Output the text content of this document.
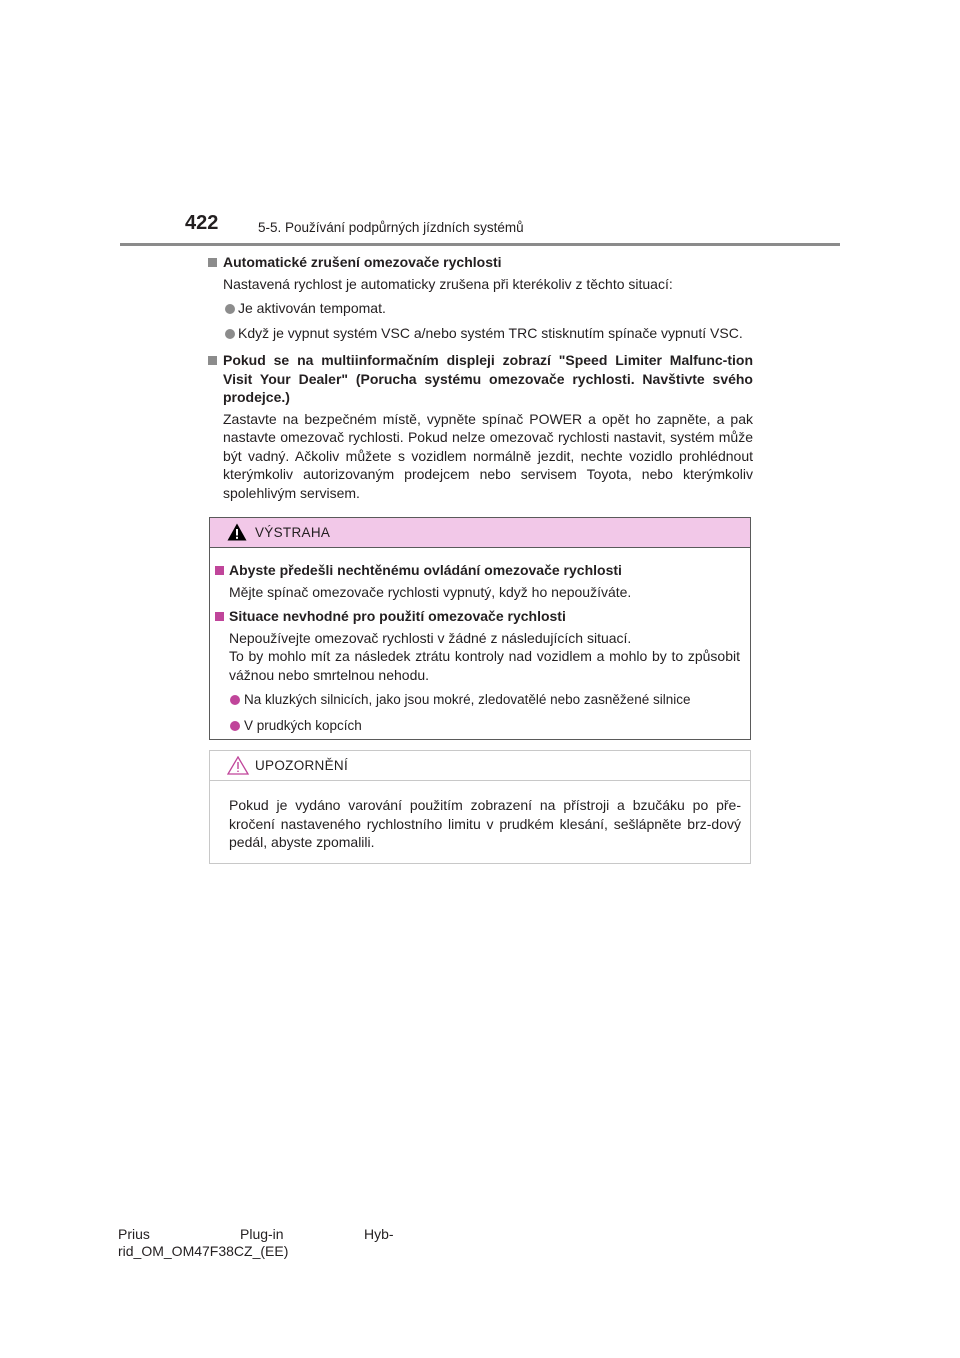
422	5-5. Používání podpůrných jízdních systémů
Automatické zrušení omezovače rychlosti
Nastavená rychlost je automaticky zrušena při kterékoliv z těchto situací:
Je aktivován tempomat.
Když je vypnut systém VSC a/nebo systém TRC stisknutím spínače vypnutí VSC.
Pokud se na multiinformačním displeji zobrazí "Speed Limiter Malfunc-tion Visit Your Dealer" (Porucha systému omezovače rychlosti. Navštivte svého prodejce.)
Zastavte na bezpečném místě, vypněte spínač POWER a opět ho zapněte, a pak nastavte omezovač rychlosti. Pokud nelze omezovač rychlosti nastavit, systém může být vadný. Ačkoliv můžete s vozidlem normálně jezdit, nechte vozidlo prohlédnout kterýmkoliv autorizovaným prodejcem nebo servisem Toyota, nebo kterýmkoliv spolehlivým servisem.
VÝSTRAHA
Abyste předešli nechtěnému ovládání omezovače rychlosti
Mějte spínač omezovače rychlosti vypnutý, když ho nepoužíváte.
Situace nevhodné pro použití omezovače rychlosti
Nepoužívejte omezovač rychlosti v žádné z následujících situací.
To by mohlo mít za následek ztrátu kontroly nad vozidlem a mohlo by to způsobit vážnou nebo smrtelnou nehodu.
Na kluzkých silnicích, jako jsou mokré, zledovatělé nebo zasněžené silnice
V prudkých kopcích
UPOZORNĚNÍ
Pokud je vydáno varování použitím zobrazení na přístroji a bzučáku po pře-kročení nastaveného rychlostního limitu v prudkém klesání, sešlápněte brz-dový pedál, abyste zpomalili.
Prius	Plug-in	Hyb-
rid_OM_OM47F38CZ_(EE)
